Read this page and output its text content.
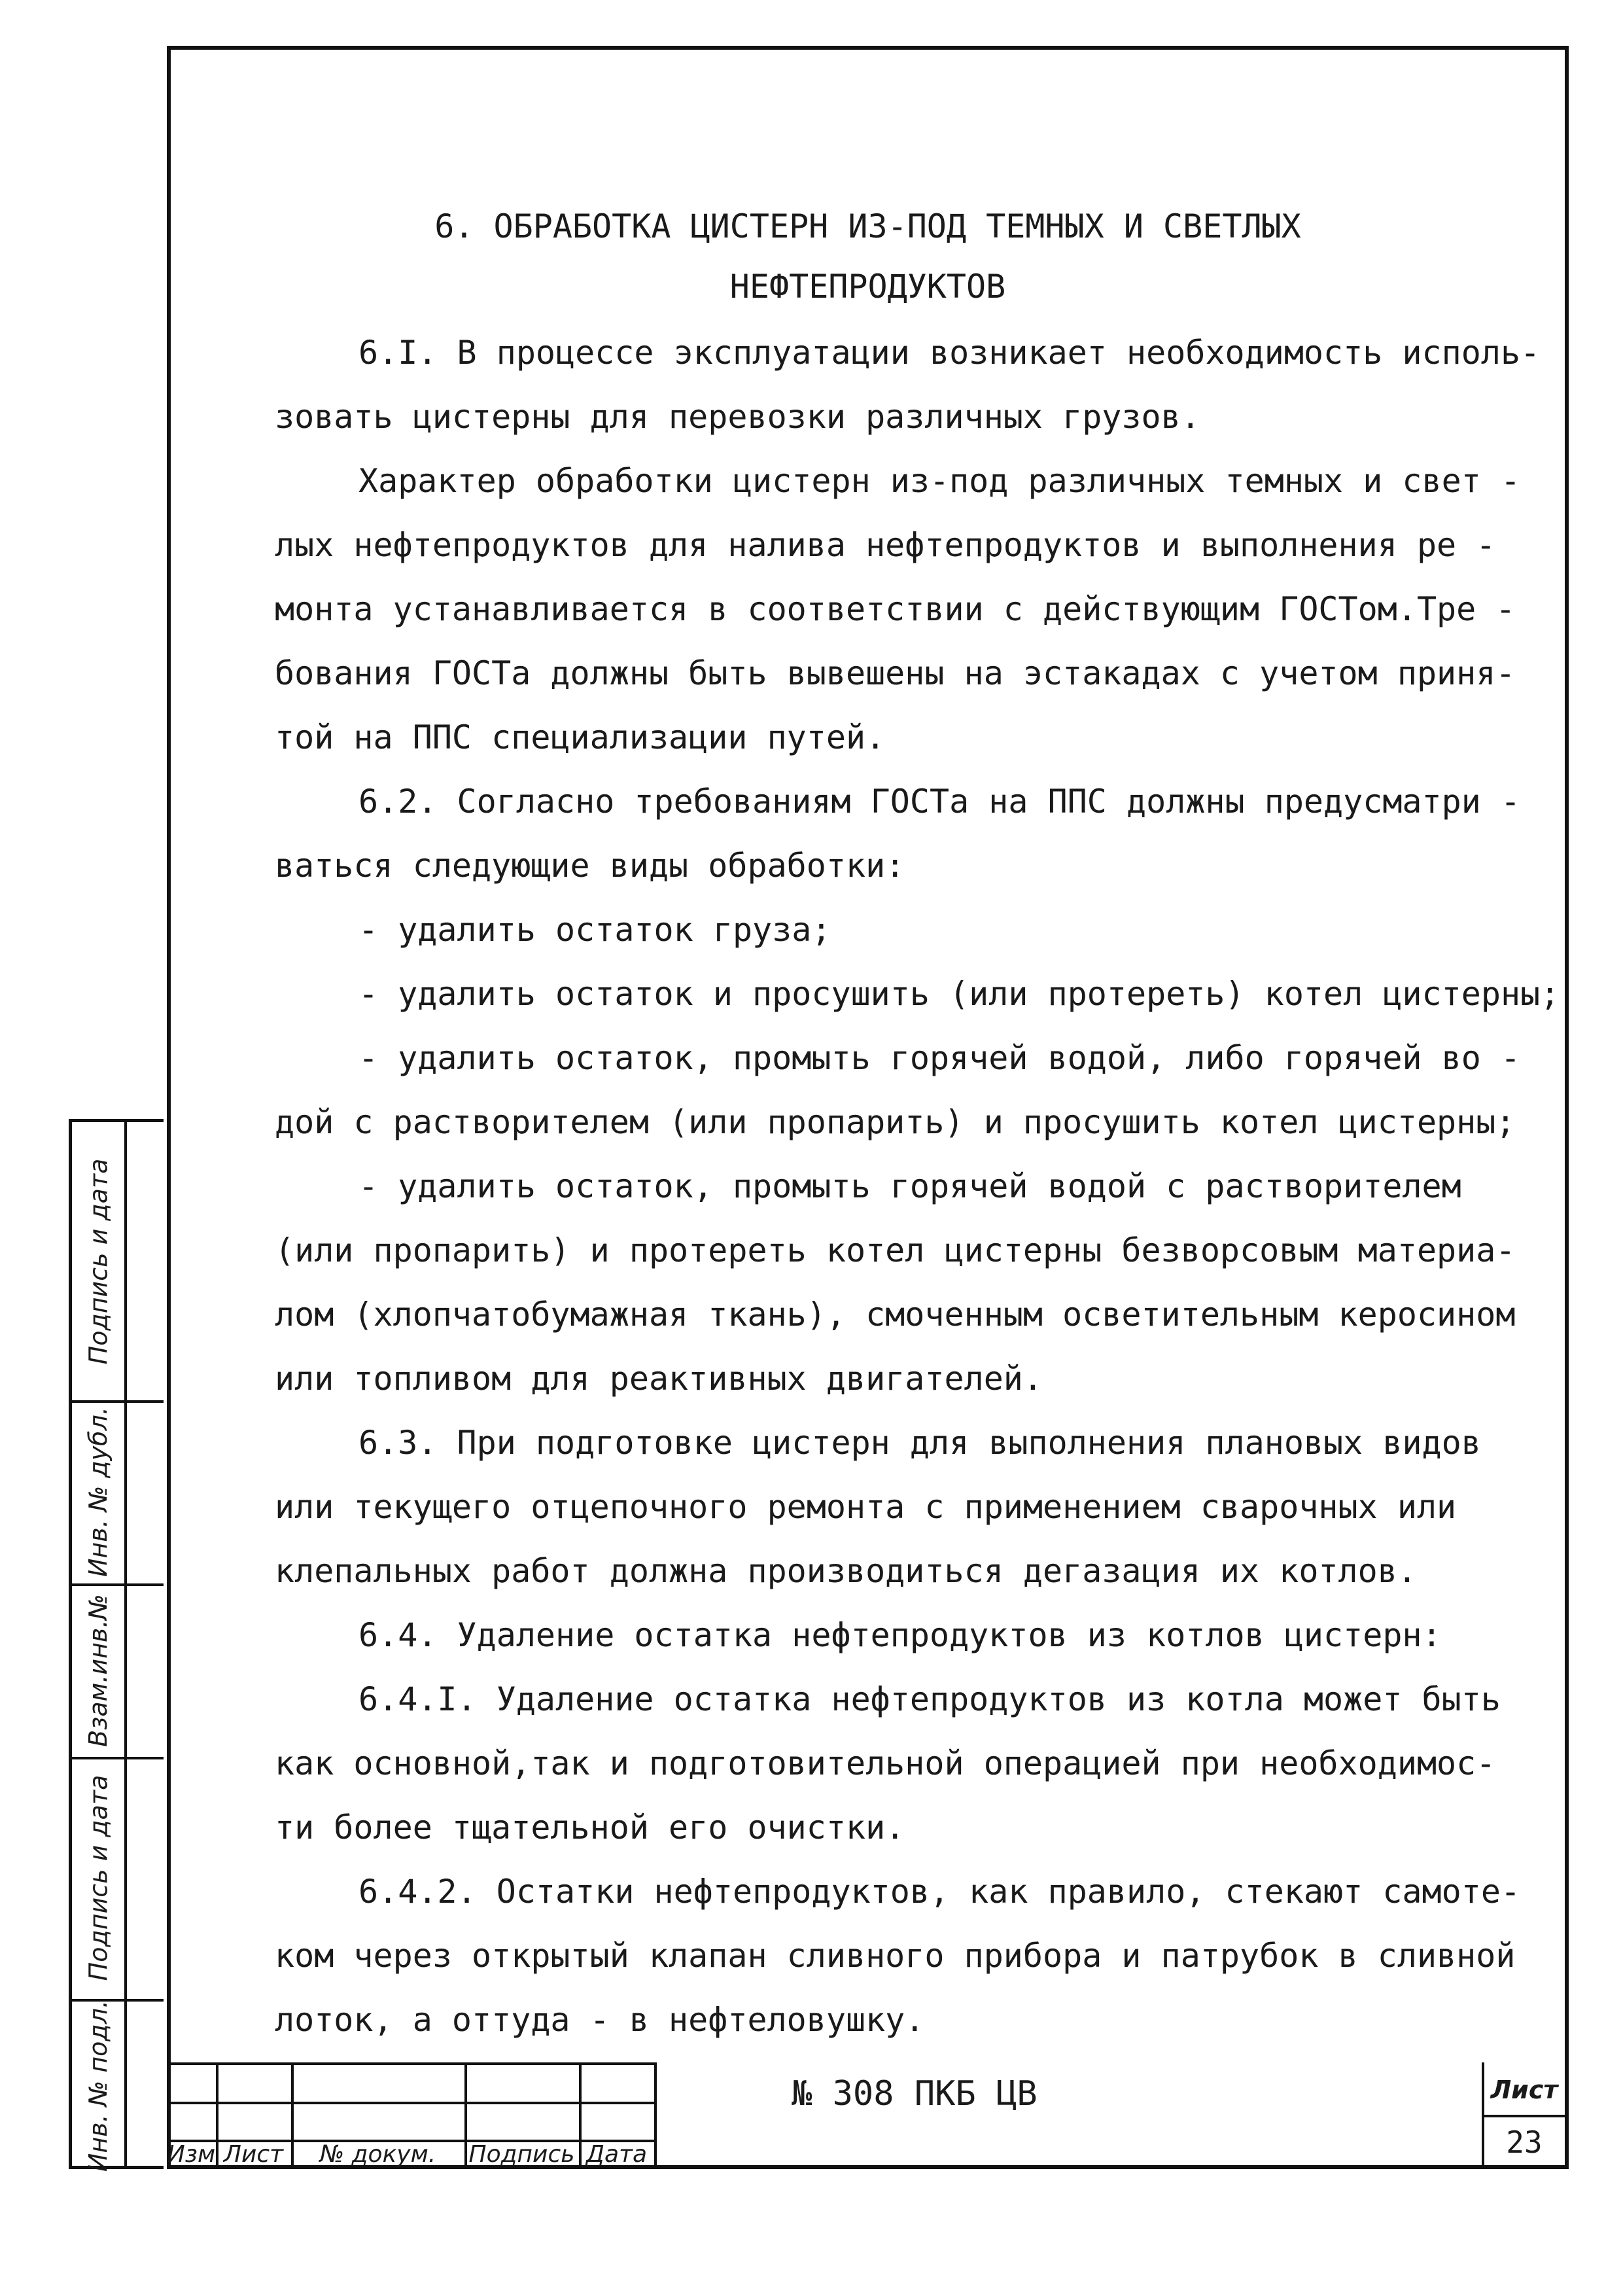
6. ОБРАБОТКА ЦИСТЕРН ИЗ-ПОД ТЕМНЫХ И СВЕТЛЫХ
НЕФТЕПРОДУКТОВ
6.I. В процессе эксплуатации возникает необходимость исполь-
зовать цистерны для перевозки различных грузов.
Характер обработки цистерн из-под различных темных и свет -
лых нефтепродуктов для налива нефтепродуктов и выполнения ре -
монта устанавливается в соответствии с действующим ГОСТом.Тре -
бования ГОСТа должны быть вывешены на эстакадах с учетом приня-
той на ППС специализации путей.
6.2. Согласно требованиям ГОСТа на ППС должны предусматри -
ваться следующие виды обработки:
- удалить остаток груза;
- удалить остаток и просушить (или протереть) котел цистерны;
- удалить остаток, промыть горячей водой, либо горячей во -
дой с растворителем (или пропарить) и просушить котел цистерны;
- удалить остаток, промыть горячей водой с растворителем
(или пропарить) и протереть котел цистерны безворсовым материа-
лом (хлопчатобумажная ткань), смоченным осветительным керосином
или топливом для реактивных двигателей.
6.3. При подготовке цистерн для выполнения плановых видов
или текущего отцепочного ремонта с применением сварочных или
клепальных работ должна производиться дегазация их котлов.
6.4. Удаление остатка нефтепродуктов из котлов цистерн:
6.4.I. Удаление остатка нефтепродуктов из котла может быть
как основной,так и подготовительной операцией при необходимос-
ти более тщательной его очистки.
6.4.2. Остатки нефтепродуктов, как правило, стекают самоте-
ком через открытый клапан сливного прибора и патрубок в сливной
лоток, а оттуда - в нефтеловушку.
Подпись и дата
Инв. № дубл.
Взам.инв.№
Подпись и дата
Инв. № подл. Изм Лист	№ докум.	Подпись Дата
№ 308 ПКБ ЦВ	Лист
23
